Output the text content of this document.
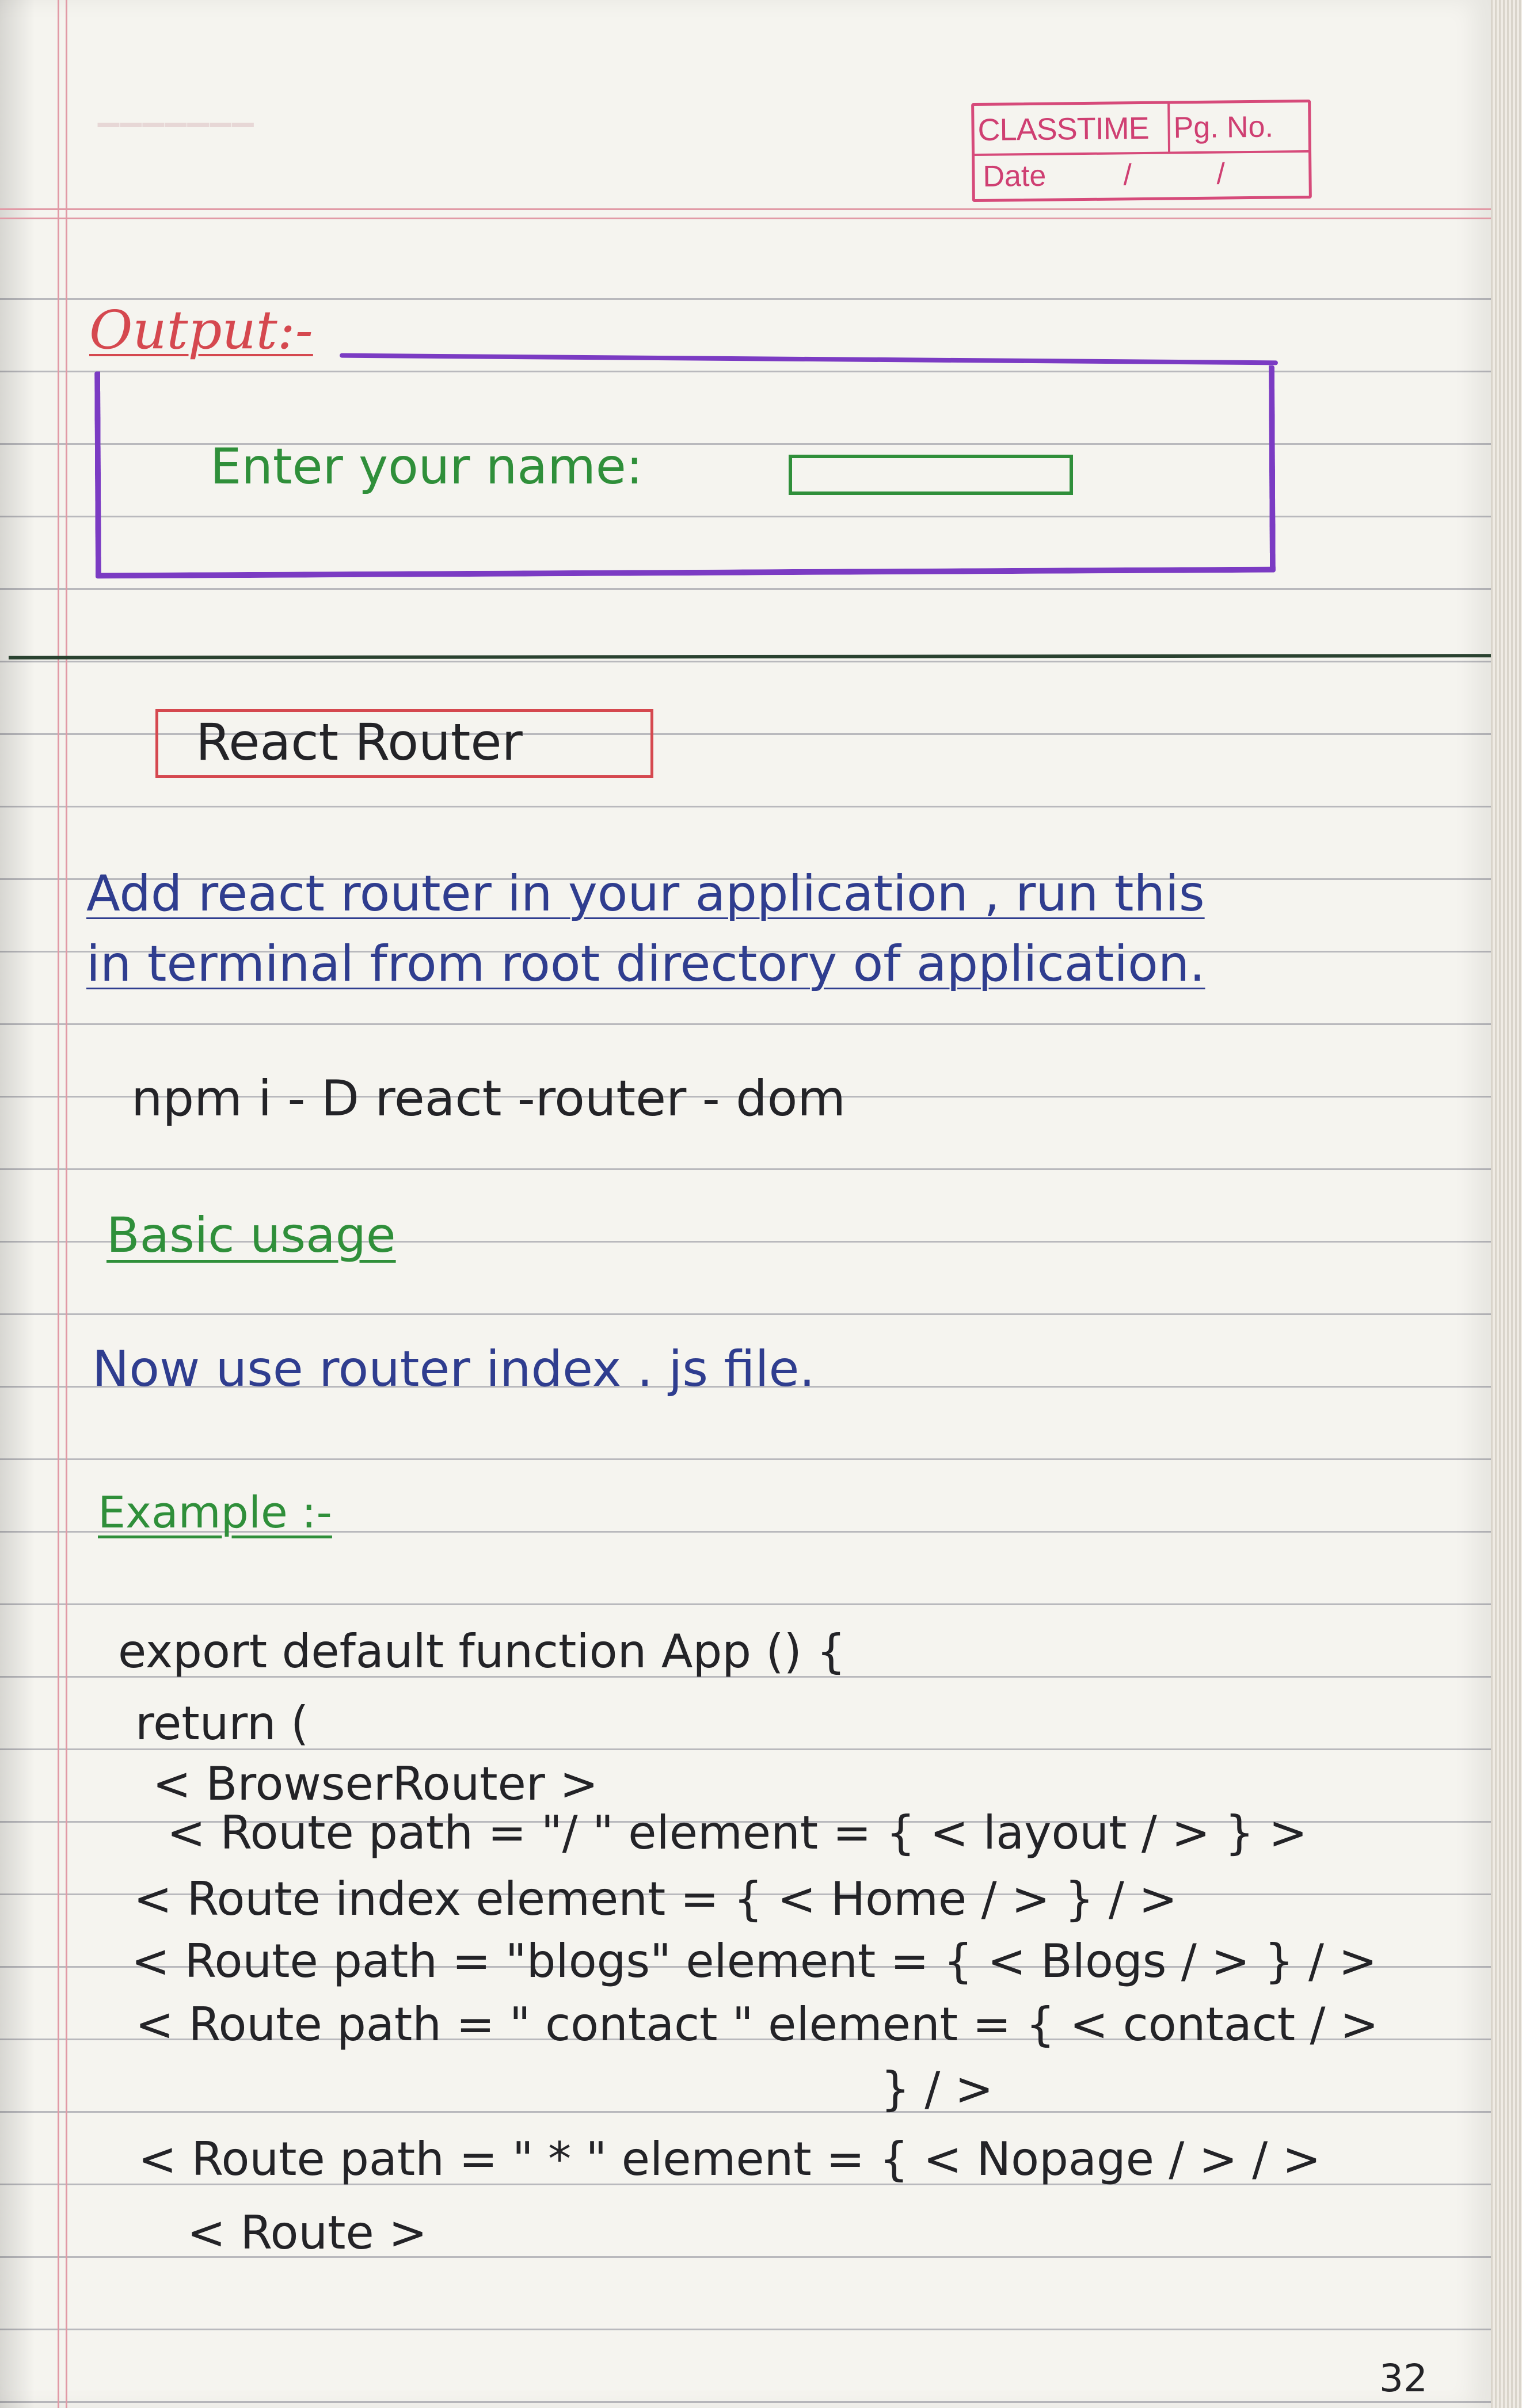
▁▁▁▁▁▁▁	CLASSTIME Pg. No.
Date	/	/
Output:-
Enter your name:
React Router
Add react router in your application , run this
in terminal from root directory of application.
npm i - D react -router - dom
Basic usage
Now use router index . js file.
Example :-
export default function App () {
return (
< BrowserRouter >
< Route path = "/ " element = { < layout / > } >
< Route index element = { < Home / > } / >
< Route path = "blogs" element = { < Blogs / > } / >
< Route path = " contact " element = { < contact / >
} / >
< Route path = " * " element = { < Nopage / > / >
< Route >
32
